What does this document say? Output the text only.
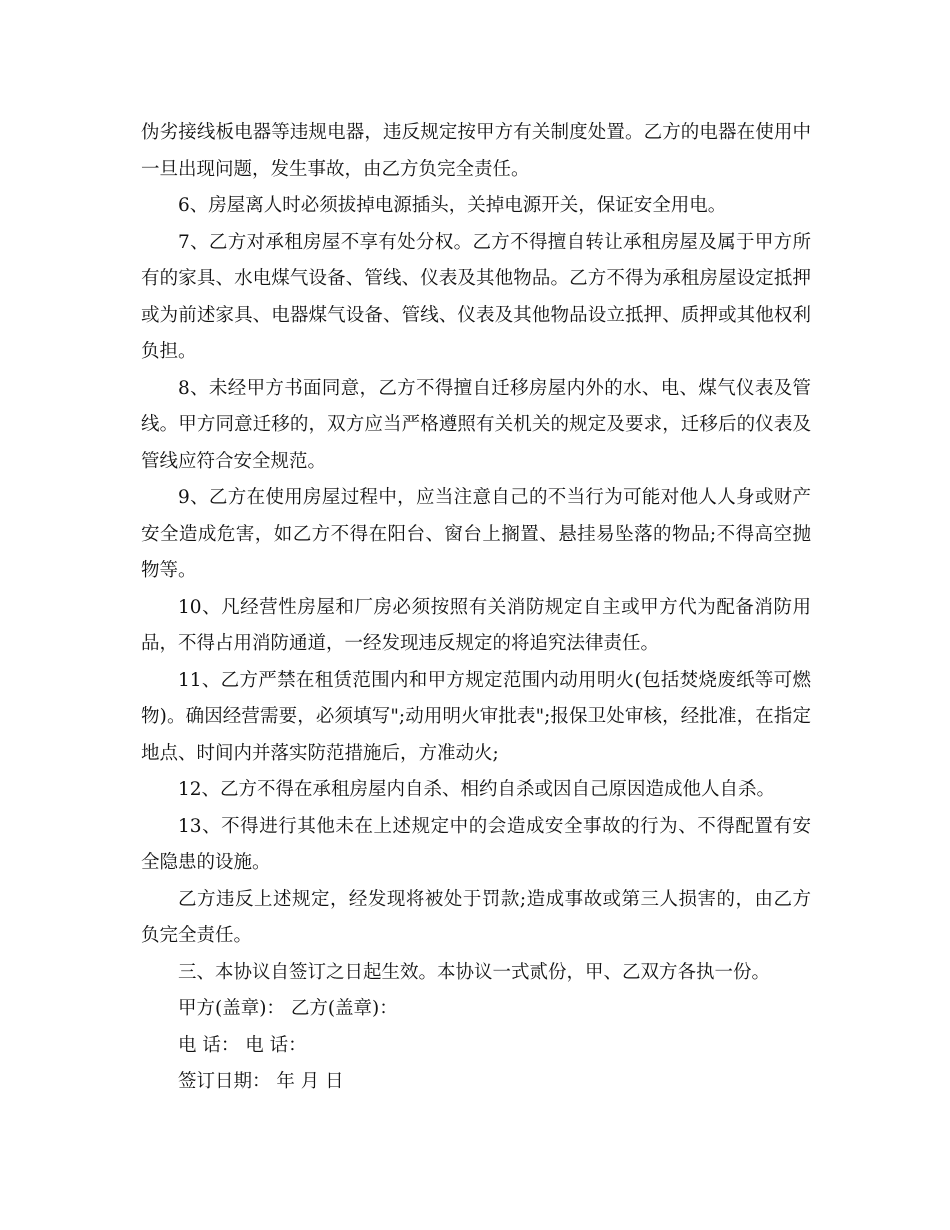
伪劣接线板电器等违规电器，违反规定按甲方有关制度处置。乙方的电器在使用中一旦出现问题，发生事故，由乙方负完全责任。

6、房屋离人时必须拔掉电源插头，关掉电源开关，保证安全用电。

7、乙方对承租房屋不享有处分权。乙方不得擅自转让承租房屋及属于甲方所有的家具、水电煤气设备、管线、仪表及其他物品。乙方不得为承租房屋设定抵押或为前述家具、电器煤气设备、管线、仪表及其他物品设立抵押、质押或其他权利负担。

8、未经甲方书面同意，乙方不得擅自迁移房屋内外的水、电、煤气仪表及管线。甲方同意迁移的，双方应当严格遵照有关机关的规定及要求，迁移后的仪表及管线应符合安全规范。

9、乙方在使用房屋过程中，应当注意自己的不当行为可能对他人人身或财产安全造成危害，如乙方不得在阳台、窗台上搁置、悬挂易坠落的物品;不得高空抛物等。

10、凡经营性房屋和厂房必须按照有关消防规定自主或甲方代为配备消防用品，不得占用消防通道，一经发现违反规定的将追究法律责任。

11、乙方严禁在租赁范围内和甲方规定范围内动用明火(包括焚烧废纸等可燃物)。确因经营需要，必须填写";动用明火审批表";报保卫处审核，经批准，在指定地点、时间内并落实防范措施后，方准动火;

12、乙方不得在承租房屋内自杀、相约自杀或因自己原因造成他人自杀。

13、不得进行其他未在上述规定中的会造成安全事故的行为、不得配置有安全隐患的设施。

乙方违反上述规定，经发现将被处于罚款;造成事故或第三人损害的，由乙方负完全责任。

三、本协议自签订之日起生效。本协议一式贰份，甲、乙双方各执一份。

甲方(盖章)： 乙方(盖章)：

电 话： 电 话：

签订日期： 年 月 日
